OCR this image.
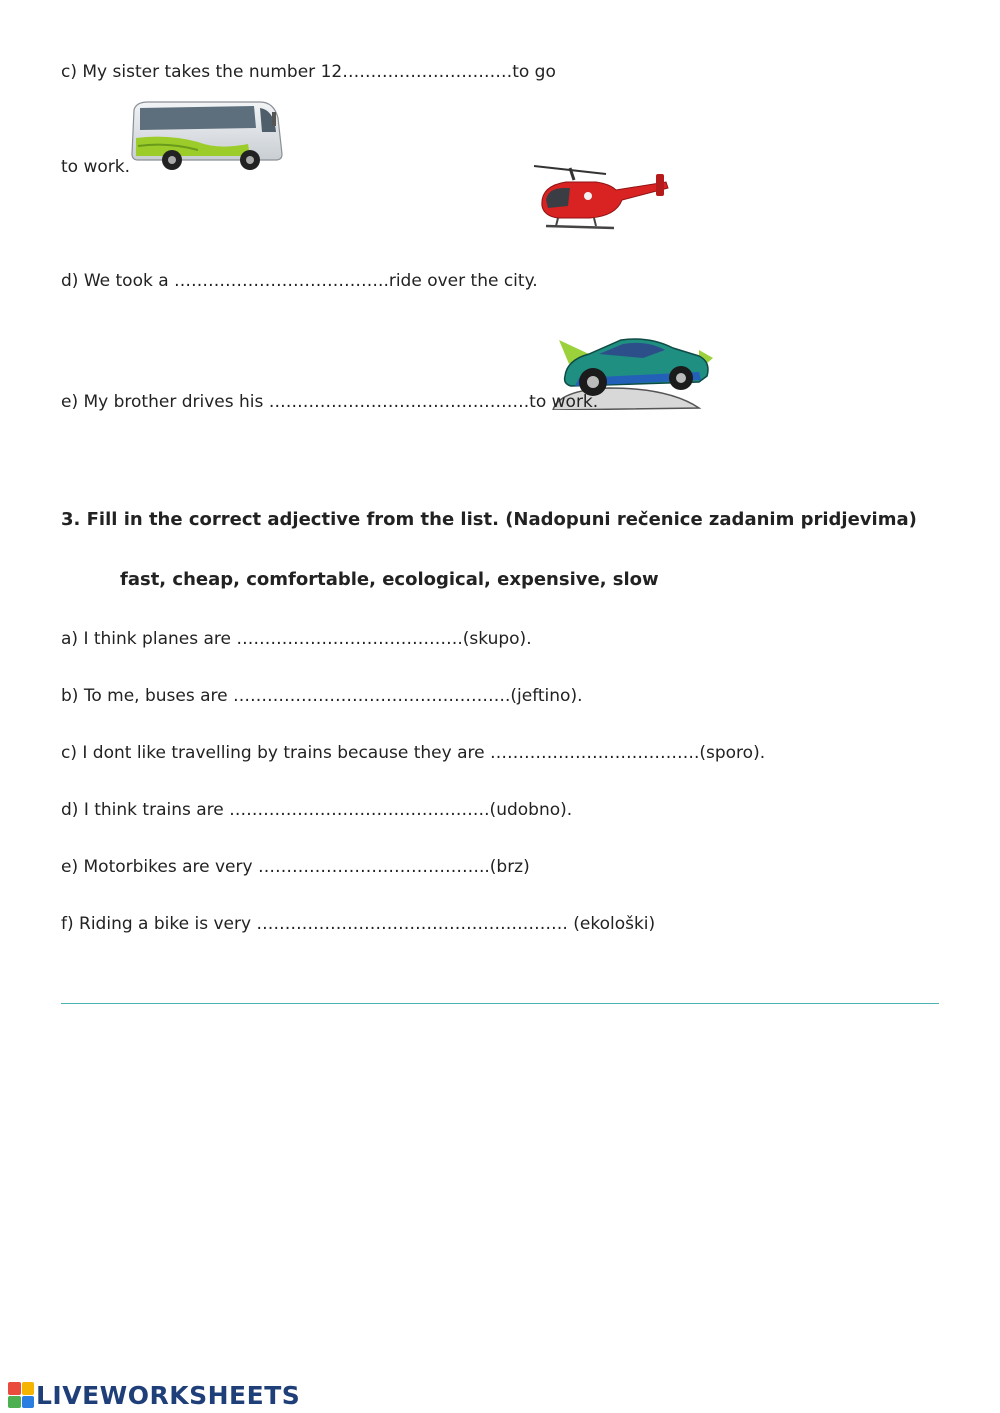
c) My sister takes the number 12…………………………to go
to work.
d) We took a ………………………………..ride over the city.
e) My brother drives his ……………………………………….to work.
3. Fill in the correct adjective from the list. (Nadopuni rečenice zadanim pridjevima)
fast, cheap, comfortable, ecological, expensive, slow
a) I think planes are ………………………………….(skupo).
b) To me, buses are ………………………………………….(jeftino).
c) I dont like travelling by trains because they are ……………………………….(sporo).
d) I think trains are ……………………………………….(udobno).
e) Motorbikes are very …………………………………..(brz)
f) Riding a bike is very ………………………………………………. (ekološki)
LIVEWORKSHEETS
